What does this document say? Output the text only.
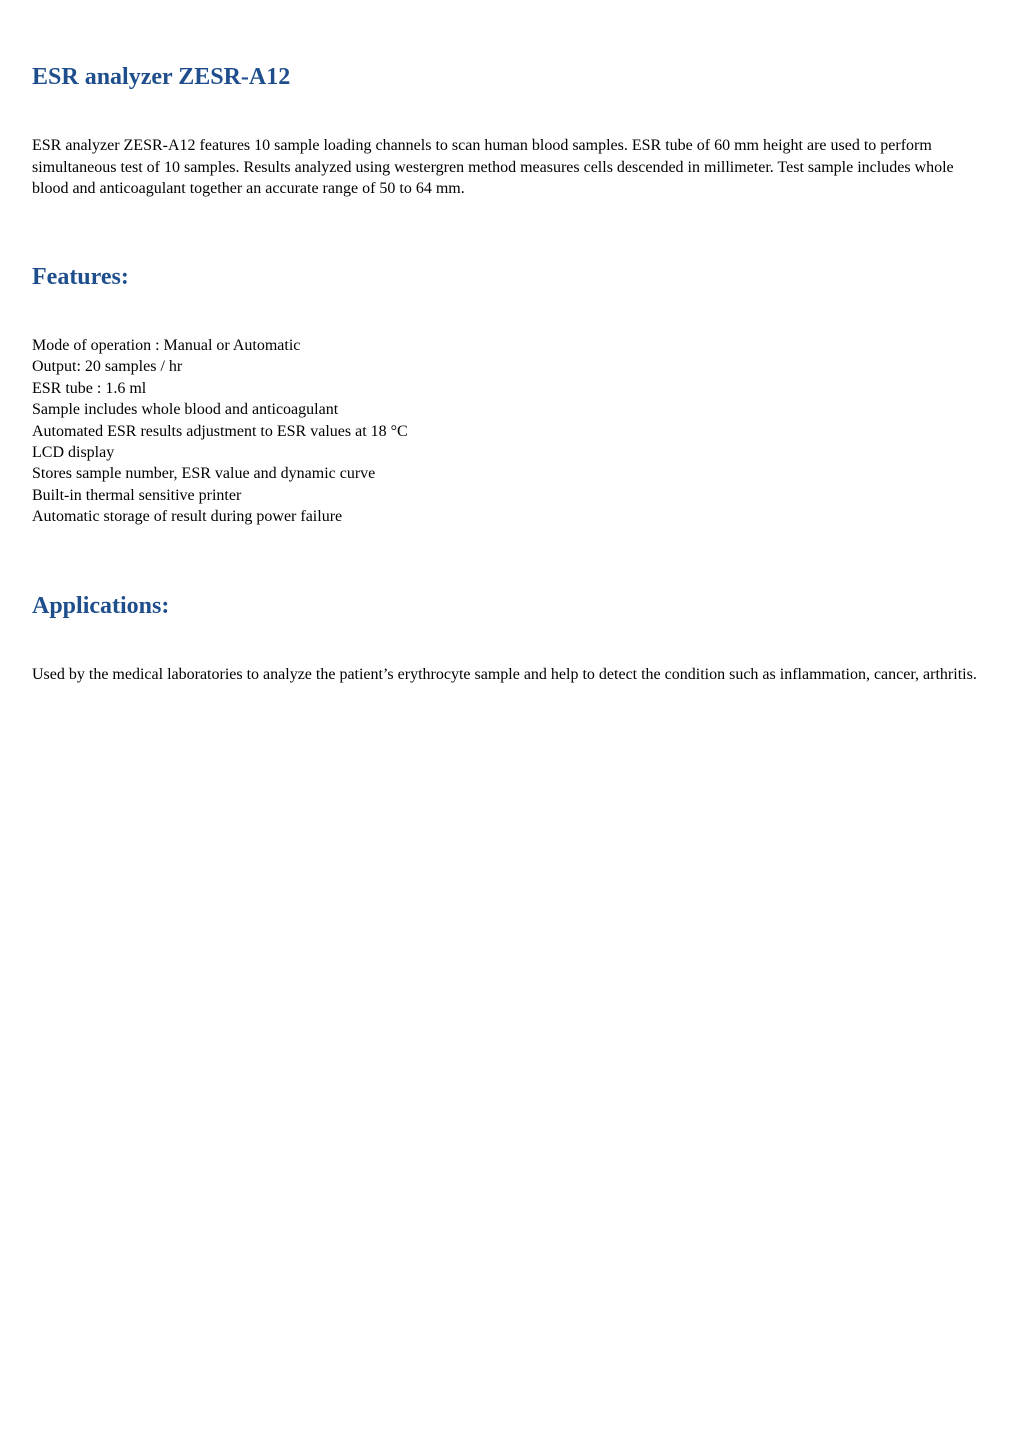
ESR analyzer ZESR-A12

ESR analyzer ZESR-A12 features 10 sample loading channels to scan human blood samples. ESR tube of 60 mm height are used to perform simultaneous test of 10 samples. Results analyzed using westergren method measures cells descended in millimeter. Test sample includes whole blood and anticoagulant together an accurate range of 50 to 64 mm.

Features:
Mode of operation : Manual or Automatic
Output: 20 samples / hr
ESR tube : 1.6 ml
Sample includes whole blood and anticoagulant
Automated ESR results adjustment to ESR values at 18 °C
LCD display
Stores sample number, ESR value and dynamic curve
Built-in thermal sensitive printer
Automatic storage of result during power failure
Applications:

Used by the medical laboratories to analyze the patient’s erythrocyte sample and help to detect the condition such as inflammation, cancer, arthritis.
